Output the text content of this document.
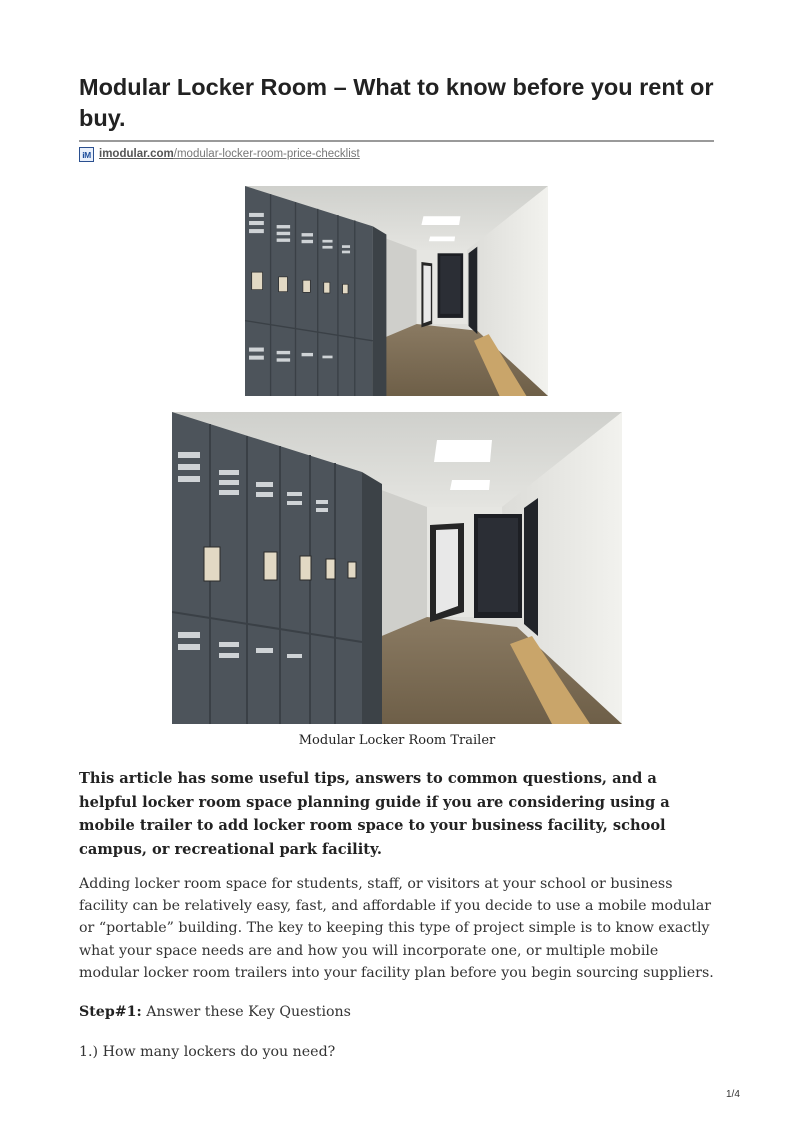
Modular Locker Room – What to know before you rent or buy.
iM imodular.com /modular-locker-room-price-checklist
Modular Locker Room Trailer

This article has some useful tips, answers to common questions, and a helpful locker room space planning guide if you are considering using a mobile trailer to add locker room space to your business facility, school campus, or recreational park facility.

Adding locker room space for students, staff, or visitors at your school or business facility can be relatively easy, fast, and affordable if you decide to use a mobile modular or “portable” building. The key to keeping this type of project simple is to know exactly what your space needs are and how you will incorporate one, or multiple mobile modular locker room trailers into your facility plan before you begin sourcing suppliers.

Step#1: Answer these Key Questions
1.) How many lockers do you need?
1/4
